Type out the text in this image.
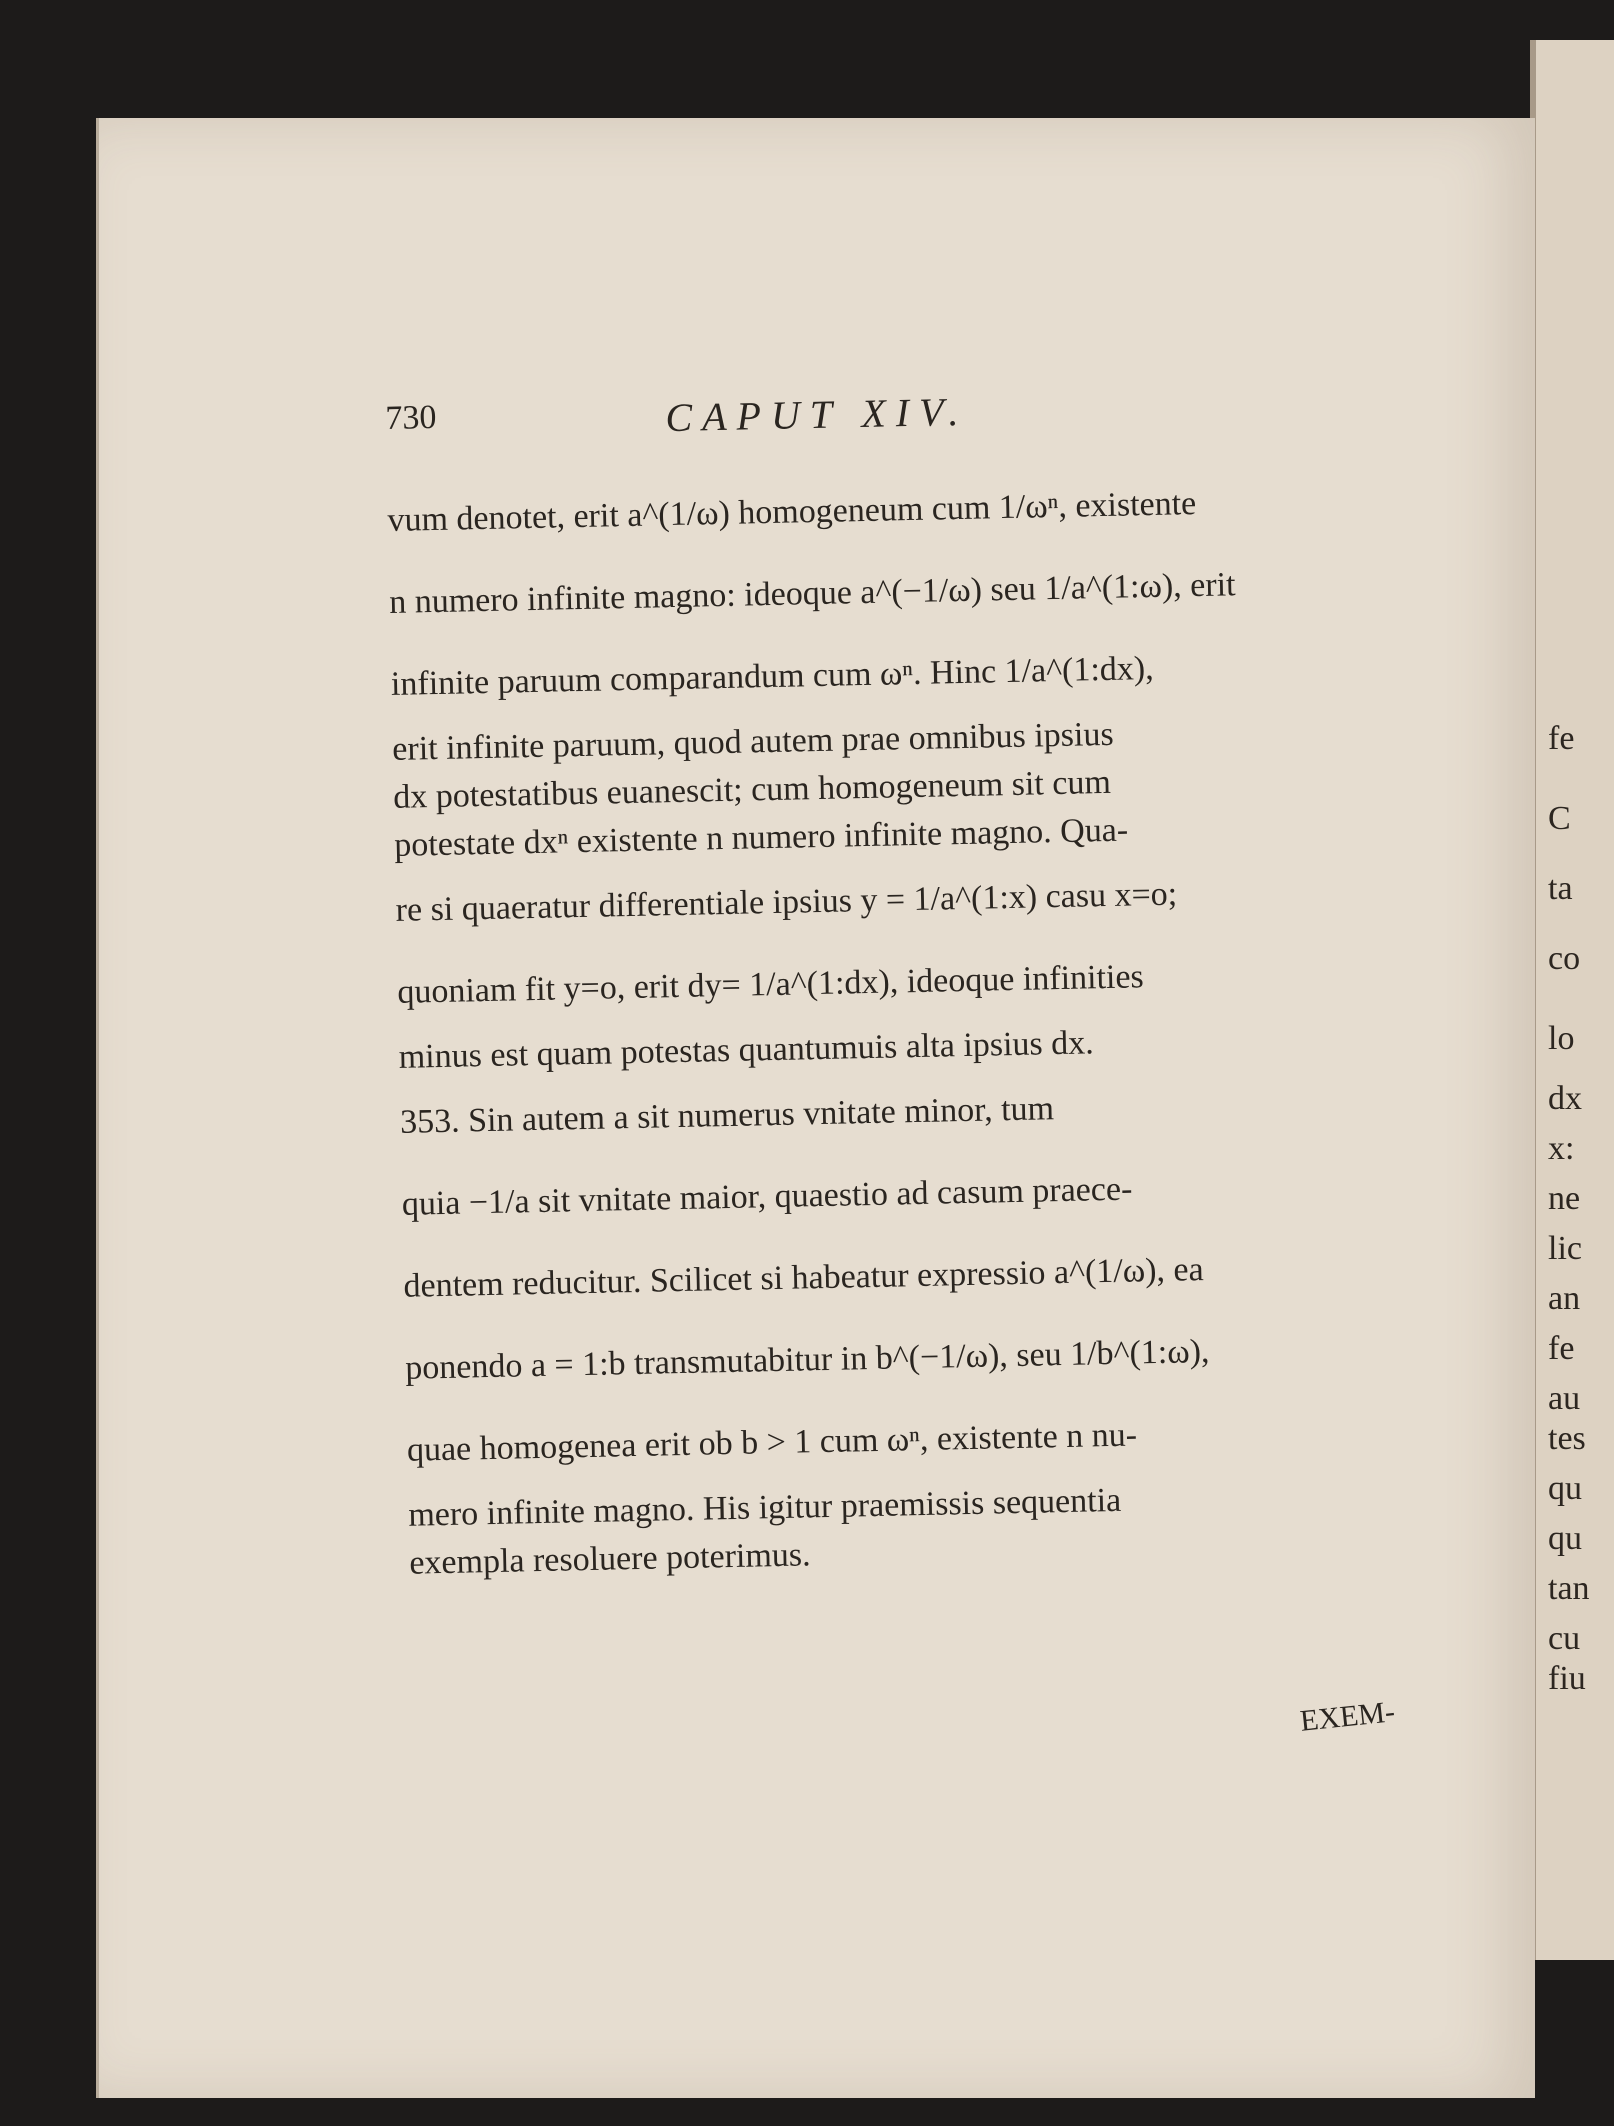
fe
C
ta
co
lo
dx
x:
ne
lic
an
fe
au
tes
qu
qu
tan
cu
fiu
730	CAPUT XIV.
vum denotet, erit a^(1/ω) homogeneum cum 1/ωⁿ, existente
n numero infinite magno: ideoque a^(−1/ω) seu 1/a^(1:ω), erit
infinite paruum comparandum cum ωⁿ. Hinc 1/a^(1:dx),
erit infinite paruum, quod autem prae omnibus ipsius
dx potestatibus euanescit; cum homogeneum sit cum
potestate dxⁿ existente n numero infinite magno. Qua-
re si quaeratur differentiale ipsius y = 1/a^(1:x) casu x=o;
quoniam fit y=o, erit dy= 1/a^(1:dx), ideoque infinities
minus est quam potestas quantumuis alta ipsius dx.
353. Sin autem a sit numerus vnitate minor, tum
quia −1/a sit vnitate maior, quaestio ad casum praece-
dentem reducitur. Scilicet si habeatur expressio a^(1/ω), ea
ponendo a = 1:b transmutabitur in b^(−1/ω), seu 1/b^(1:ω),
quae homogenea erit ob b > 1 cum ωⁿ, existente n nu-
mero infinite magno. His igitur praemissis sequentia
exempla resoluere poterimus.
EXEM-
